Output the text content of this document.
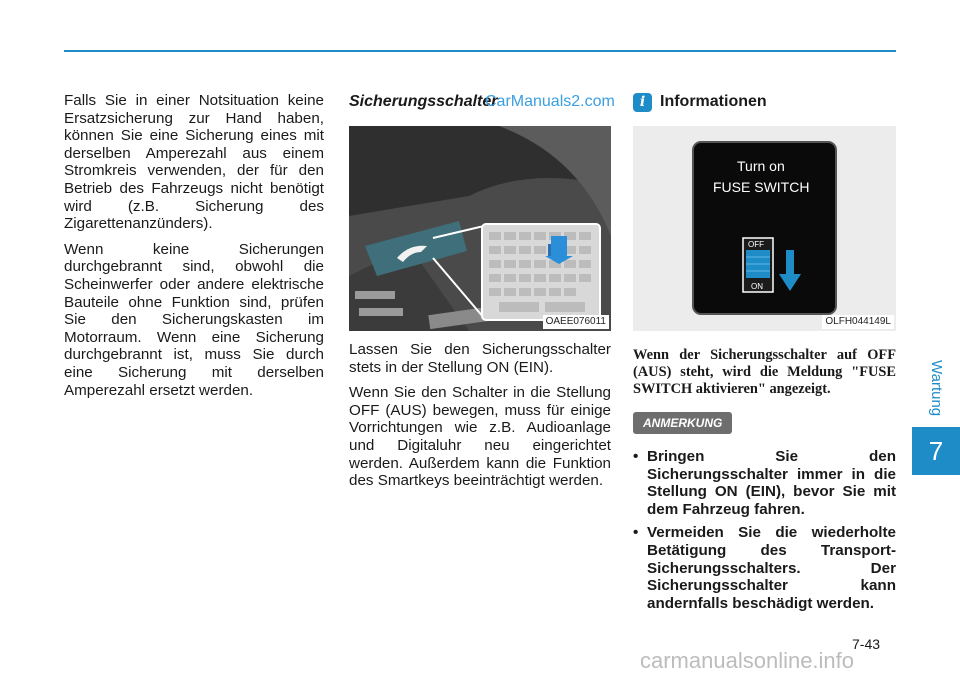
Wartung
7

Falls Sie in einer Notsituation keine Ersatzsicherung zur Hand haben, können Sie eine Sicherung eines mit derselben Amperezahl aus einem Stromkreis verwenden, der für den Betrieb des Fahrzeugs nicht benötigt wird (z.B. Sicherung des Zigarettenanzünders).

Wenn keine Sicherungen durchgebrannt sind, obwohl die Scheinwerfer oder andere elektrische Bauteile ohne Funktion sind, prüfen Sie den Sicherungskasten im Motorraum. Wenn eine Sicherung durchgebrannt ist, muss Sie durch eine Sicherung mit derselben Amperezahl ersetzt werden.

Sicherungsschalter
OAEE076011

Lassen Sie den Sicherungsschalter stets in der Stellung ON (EIN).

Wenn Sie den Schalter in die Stellung OFF (AUS) bewegen, muss für einige Vorrichtungen wie z.B. Audioanlage und Digitaluhr neu eingerichtet werden. Außerdem kann die Funktion des Smartkeys beeinträchtigt werden.

CarManuals2.com	i Informationen
Turn on
FUSE SWITCH
OFF
ON
OLFH044149L

Wenn der Sicherungsschalter auf OFF (AUS) steht, wird die Meldung "FUSE SWITCH aktivieren" angezeigt.

ANMERKUNG
• Bringen Sie den Sicherungsschalter immer in die Stellung ON (EIN), bevor Sie mit dem Fahrzeug fahren.
• Vermeiden Sie die wiederholte Betätigung des Transport-Sicherungsschalters. Der Sicherungsschalter kann andernfalls beschädigt werden.
7-43
carmanualsonline.info
